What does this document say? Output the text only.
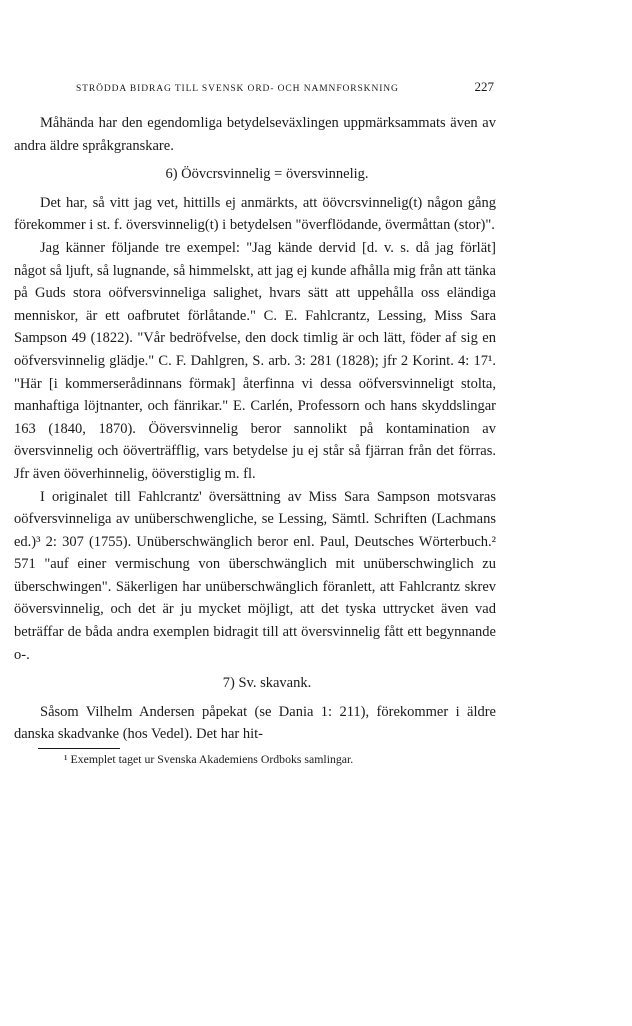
STRÖDDA BIDRAG TILL SVENSK ORD- OCH NAMNFORSKNING	227

Måhända har den egendomliga betydelseväxlingen uppmärksammats även av andra äldre språkgranskare.

6) Öövcrsvinnelig = översvinnelig.

Det har, så vitt jag vet, hittills ej anmärkts, att öövcrsvinnelig(t) någon gång förekommer i st. f. översvinnelig(t) i betydelsen "överflödande, övermåttan (stor)".

Jag känner följande tre exempel: "Jag kände dervid [d. v. s. då jag förlät] något så ljuft, så lugnande, så himmelskt, att jag ej kunde afhålla mig från att tänka på Guds stora oöfversvinneliga salighet, hvars sätt att uppehålla oss eländiga menniskor, är ett oafbrutet förlåtande." C. E. Fahlcrantz, Lessing, Miss Sara Sampson 49 (1822). "Vår bedröfvelse, den dock timlig är och lätt, föder af sig en oöfversvinnelig glädje." C. F. Dahlgren, S. arb. 3: 281 (1828); jfr 2 Korint. 4: 17¹. "Här [i kommerserådinnans förmak] återfinna vi dessa oöfversvinneligt stolta, manhaftiga löjtnanter, och fänrikar." E. Carlén, Professorn och hans skyddslingar 163 (1840, 1870). Ööversvinnelig beror sannolikt på kontamination av översvinnelig och ööverträfflig, vars betydelse ju ej står så fjärran från det förras. Jfr även ööverhinnelig, ööverstiglig m. fl.

I originalet till Fahlcrantz' översättning av Miss Sara Sampson motsvaras oöfversvinneliga av unüberschwengliche, se Lessing, Sämtl. Schriften (Lachmans ed.)³ 2: 307 (1755). Unüberschwänglich beror enl. Paul, Deutsches Wörterbuch.² 571 "auf einer vermischung von überschwänglich mit unüberschwinglich zu überschwingen". Säkerligen har unüberschwänglich föranlett, att Fahlcrantz skrev ööversvinnelig, och det är ju mycket möjligt, att det tyska uttrycket även vad beträffar de båda andra exemplen bidragit till att översvinnelig fått ett begynnande o-.

7) Sv. skavank.

Såsom Vilhelm Andersen påpekat (se Dania 1: 211), förekommer i äldre danska skadvanke (hos Vedel). Det har hit-

¹ Exemplet taget ur Svenska Akademiens Ordboks samlingar.
